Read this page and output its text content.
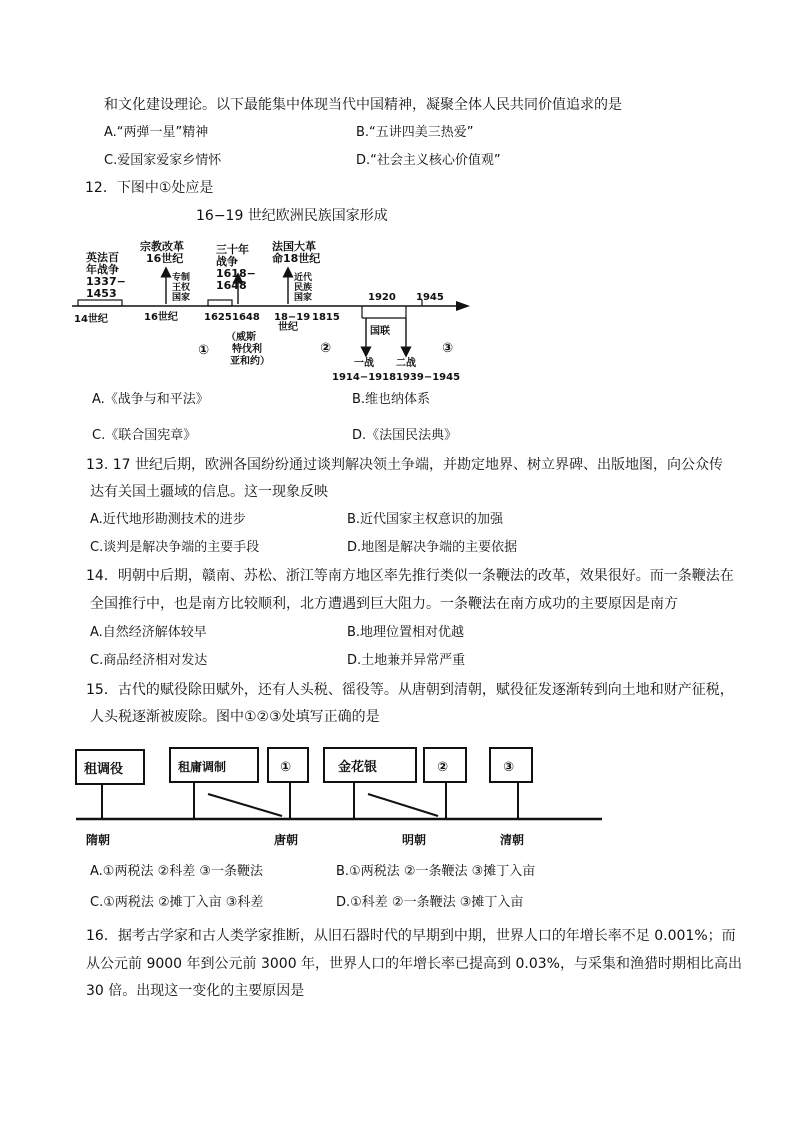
和文化建设理论。以下最能集中体现当代中国精神，凝聚全体人民共同价值追求的是
A.“两弹一星”精神	B.“五讲四美三热爱”
C.爱国家爱家乡情怀	D.“社会主义核心价值观”
12．下图中①处应是
16−19 世纪欧洲民族国家形成
英法百
年战争
1337−
1453
宗教改革
16世纪
专制
王权
国家
三十年
战争
1618−
1648
法国大革
命18世纪
近代
民族
国家
14世纪	16世纪	1625 1648 18−19
世纪
1815
1920 1945
（威斯
特伐利
亚和约）
①	②	③
国联
一战
1914−1918
二战
1939−1945
A.《战争与和平法》	B.维也纳体系
C.《联合国宪章》	D.《法国民法典》
13. 17 世纪后期，欧洲各国纷纷通过谈判解决领土争端，并勘定地界、树立界碑、出版地图，向公众传
达有关国土疆域的信息。这一现象反映
A.近代地形勘测技术的进步	B.近代国家主权意识的加强
C.谈判是解决争端的主要手段	D.地图是解决争端的主要依据
14．明朝中后期，赣南、苏松、浙江等南方地区率先推行类似一条鞭法的改革，效果很好。而一条鞭法在
全国推行中，也是南方比较顺利，北方遭遇到巨大阻力。一条鞭法在南方成功的主要原因是南方
A.自然经济解体较早	B.地理位置相对优越
C.商品经济相对发达	D.土地兼并异常严重
15．古代的赋役除田赋外，还有人头税、徭役等。从唐朝到清朝，赋役征发逐渐转到向土地和财产征税，
人头税逐渐被废除。图中①②③处填写正确的是
租调役	租庸调制	①	金花银	②	③
隋朝	唐朝	明朝	清朝
A.①两税法 ②科差 ③一条鞭法	B.①两税法 ②一条鞭法 ③摊丁入亩
C.①两税法 ②摊丁入亩 ③科差	D.①科差 ②一条鞭法 ③摊丁入亩
16．据考古学家和古人类学家推断，从旧石器时代的早期到中期，世界人口的年增长率不足 0.001%；而
从公元前 9000 年到公元前 3000 年，世界人口的年增长率已提高到 0.03%，与采集和渔猎时期相比高出
30 倍。出现这一变化的主要原因是
